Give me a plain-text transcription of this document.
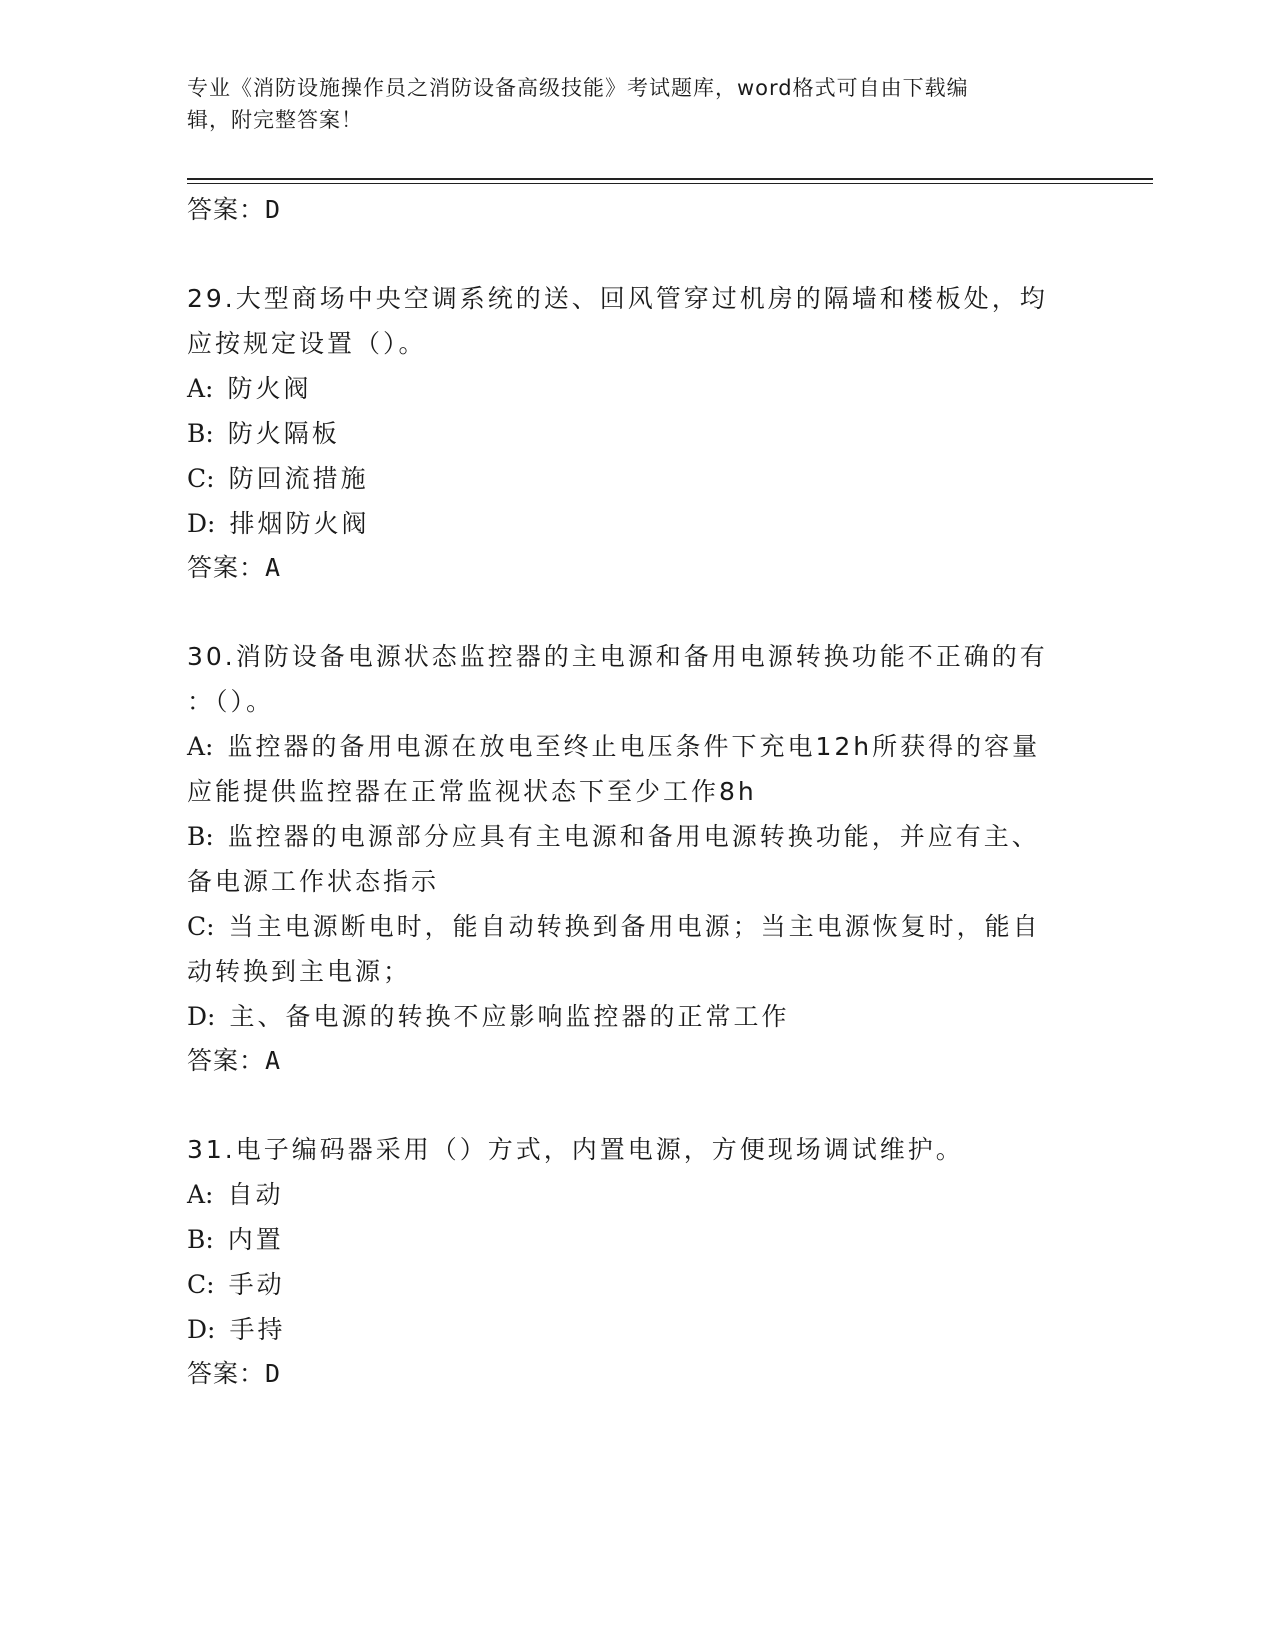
专业《消防设施操作员之消防设备高级技能》考试题库，word格式可自由下载编
辑，附完整答案！
答案：D
29.大型商场中央空调系统的送、回风管穿过机房的隔墙和楼板处，均
应按规定设置（）。
A: 防火阀
B: 防火隔板
C: 防回流措施
D: 排烟防火阀
答案：A
30.消防设备电源状态监控器的主电源和备用电源转换功能不正确的有
：（）。
A: 监控器的备用电源在放电至终止电压条件下充电12h所获得的容量
应能提供监控器在正常监视状态下至少工作8h
B: 监控器的电源部分应具有主电源和备用电源转换功能，并应有主、
备电源工作状态指示
C: 当主电源断电时，能自动转换到备用电源；当主电源恢复时，能自
动转换到主电源；
D: 主、备电源的转换不应影响监控器的正常工作
答案：A
31.电子编码器采用（）方式，内置电源，方便现场调试维护。
A: 自动
B: 内置
C: 手动
D: 手持
答案：D
